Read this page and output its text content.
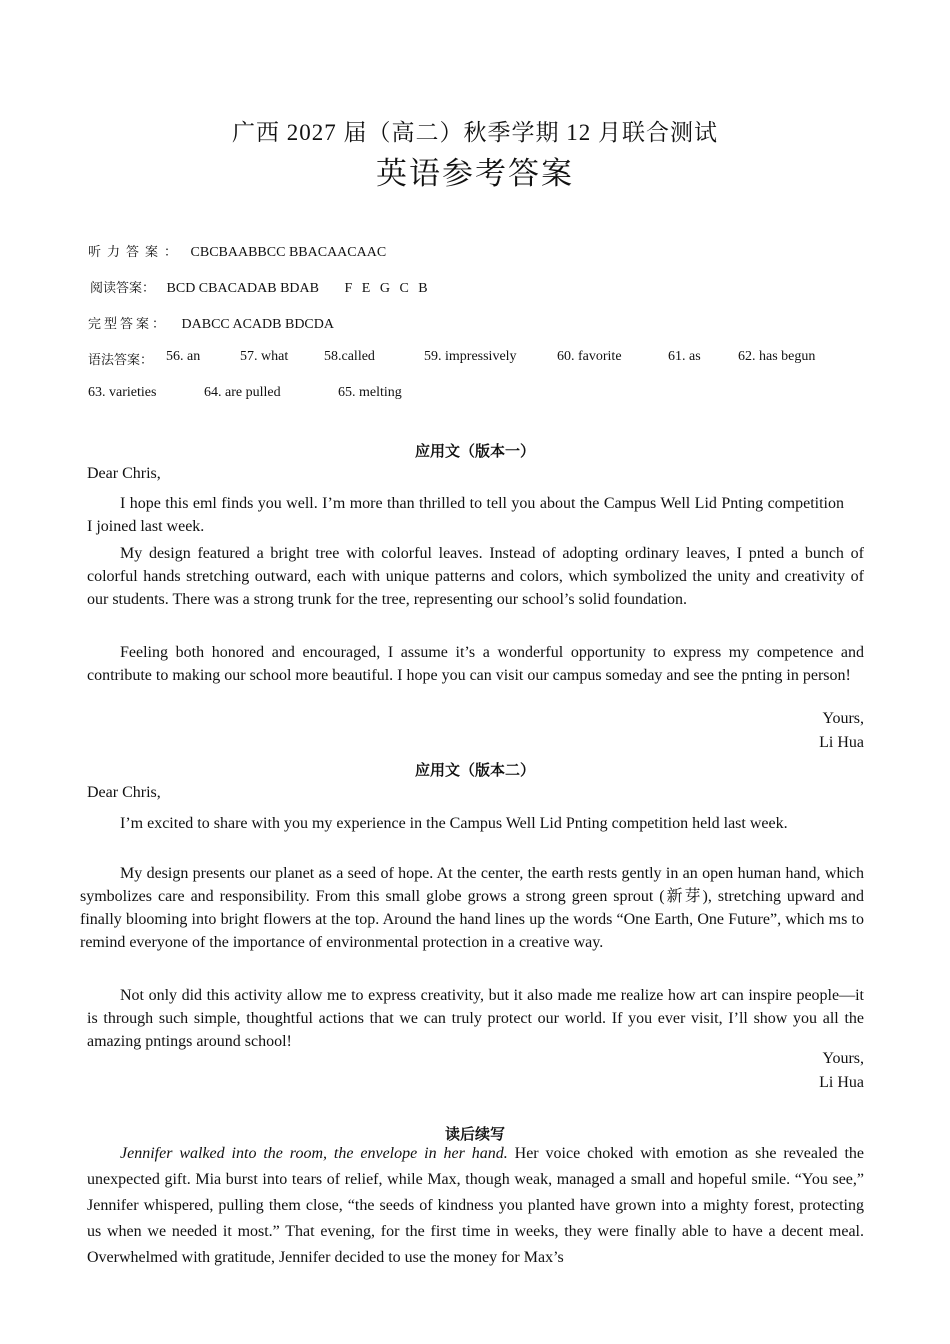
广西 2027 届（高二）秋季学期 12 月联合测试
英语参考答案
听力答案： CBCBAABBCC BBACAACAAC
阅读答案： BCD CBACADAB BDAB F E G C B
完型答案： DABCC ACADB BDCDA
语法答案： 56. an	57. what	58.called	59. impressively	60. favorite	61. as	62. has begun
63. varieties	64. are pulled	65. melting
应用文（版本一）
Dear Chris,
I hope this eml finds you well. I’m more than thrilled to tell you about the Campus Well Lid Pnting competition I joined last week.
My design featured a bright tree with colorful leaves. Instead of adopting ordinary leaves, I pnted a bunch of colorful hands stretching outward, each with unique patterns and colors, which symbolized the unity and creativity of our students. There was a strong trunk for the tree, representing our school’s solid foundation.
Feeling both honored and encouraged, I assume it’s a wonderful opportunity to express my competence and contribute to making our school more beautiful. I hope you can visit our campus someday and see the pnting in person!
Yours,
Li Hua
应用文（版本二）
Dear Chris,
I’m excited to share with you my experience in the Campus Well Lid Pnting competition held last week.
My design presents our planet as a seed of hope. At the center, the earth rests gently in an open human hand, which symbolizes care and responsibility. From this small globe grows a strong green sprout (新芽), stretching upward and finally blooming into bright flowers at the top. Around the hand lines up the words “One Earth, One Future”, which ms to remind everyone of the importance of environmental protection in a creative way.
Not only did this activity allow me to express creativity, but it also made me realize how art can inspire people—it is through such simple, thoughtful actions that we can truly protect our world. If you ever visit, I’ll show you all the amazing pntings around school!
Yours,
Li Hua
读后续写
Jennifer walked into the room, the envelope in her hand. Her voice choked with emotion as she revealed the unexpected gift. Mia burst into tears of relief, while Max, though weak, managed a small and hopeful smile. “You see,” Jennifer whispered, pulling them close, “the seeds of kindness you planted have grown into a mighty forest, protecting us when we needed it most.” That evening, for the first time in weeks, they were finally able to have a decent meal. Overwhelmed with gratitude, Jennifer decided to use the money for Max’s
